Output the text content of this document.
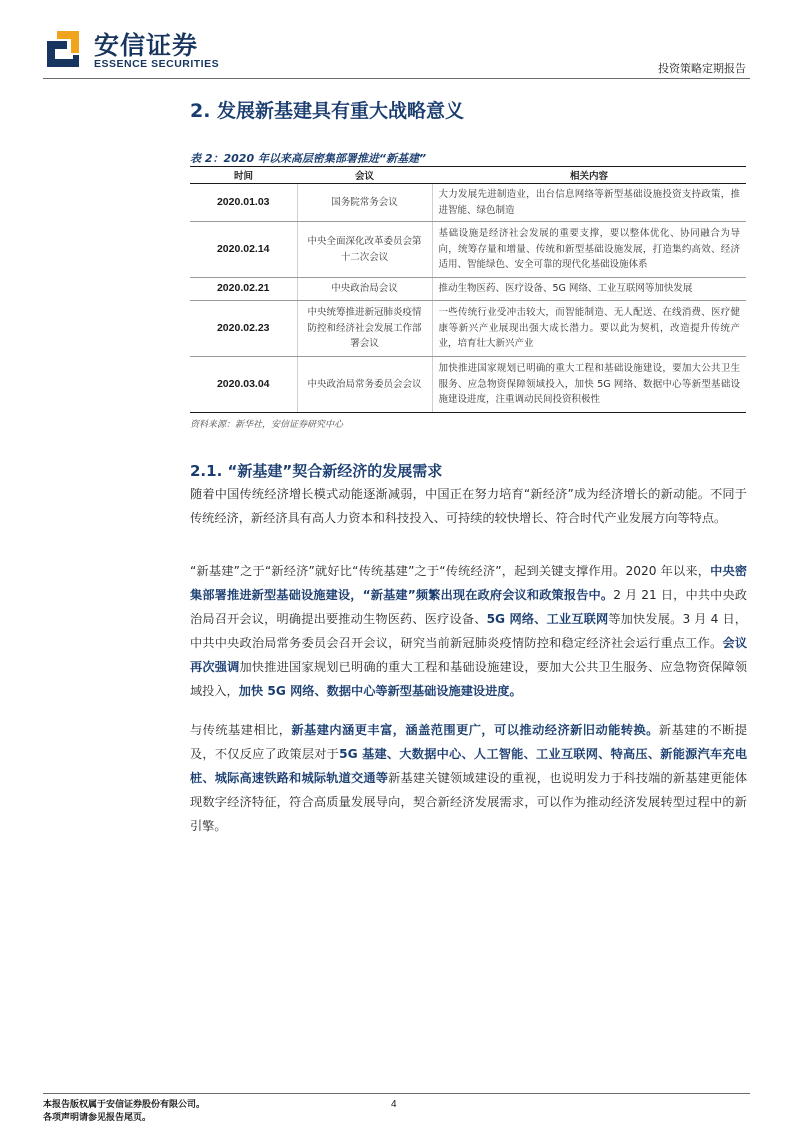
安信证券
ESSENCE SECURITIES	投资策略定期报告
2. 发展新基建具有重大战略意义
表 2：2020 年以来高层密集部署推进“新基建”
时间	会议	相关内容
2020.01.03	国务院常务会议	大力发展先进制造业，出台信息网络等新型基础设施投资支持政策，推进智能、绿色制造
2020.02.14	中央全面深化改革委员会第十二次会议	基础设施是经济社会发展的重要支撑，要以整体优化、协同融合为导向，统筹存量和增量、传统和新型基础设施发展，打造集约高效、经济适用、智能绿色、安全可靠的现代化基础设施体系
2020.02.21	中央政治局会议	推动生物医药、医疗设备、5G 网络、工业互联网等加快发展
2020.02.23	中央统筹推进新冠肺炎疫情防控和经济社会发展工作部署会议	一些传统行业受冲击较大，而智能制造、无人配送、在线消费、医疗健康等新兴产业展现出强大成长潜力。要以此为契机，改造提升传统产业，培育壮大新兴产业
2020.03.04	中央政治局常务委员会会议	加快推进国家规划已明确的重大工程和基础设施建设，要加大公共卫生服务、应急物资保障领域投入，加快 5G 网络、数据中心等新型基础设施建设进度，注重调动民间投资积极性
资料来源：新华社，安信证券研究中心
2.1. “新基建”契合新经济的发展需求
随着中国传统经济增长模式动能逐渐减弱，中国正在努力培育“新经济”成为经济增长的新动能。不同于传统经济，新经济具有高人力资本和科技投入、可持续的较快增长、符合时代产业发展方向等特点。
“新基建”之于“新经济”就好比“传统基建”之于“传统经济”，起到关键支撑作用。2020 年以来，中央密集部署推进新型基础设施建设，“新基建”频繁出现在政府会议和政策报告中。2 月 21 日，中共中央政治局召开会议，明确提出要推动生物医药、医疗设备、5G 网络、工业互联网等加快发展。3 月 4 日，中共中央政治局常务委员会召开会议，研究当前新冠肺炎疫情防控和稳定经济社会运行重点工作。会议再次强调加快推进国家规划已明确的重大工程和基础设施建设，要加大公共卫生服务、应急物资保障领域投入，加快 5G 网络、数据中心等新型基础设施建设进度。
与传统基建相比，新基建内涵更丰富，涵盖范围更广，可以推动经济新旧动能转换。新基建的不断提及，不仅反应了政策层对于5G 基建、大数据中心、人工智能、工业互联网、特高压、新能源汽车充电桩、城际高速铁路和城际轨道交通等新基建关键领域建设的重视，也说明发力于科技端的新基建更能体现数字经济特征，符合高质量发展导向，契合新经济发展需求，可以作为推动经济发展转型过程中的新引擎。
本报告版权属于安信证券股份有限公司。
各项声明请参见报告尾页。
4
